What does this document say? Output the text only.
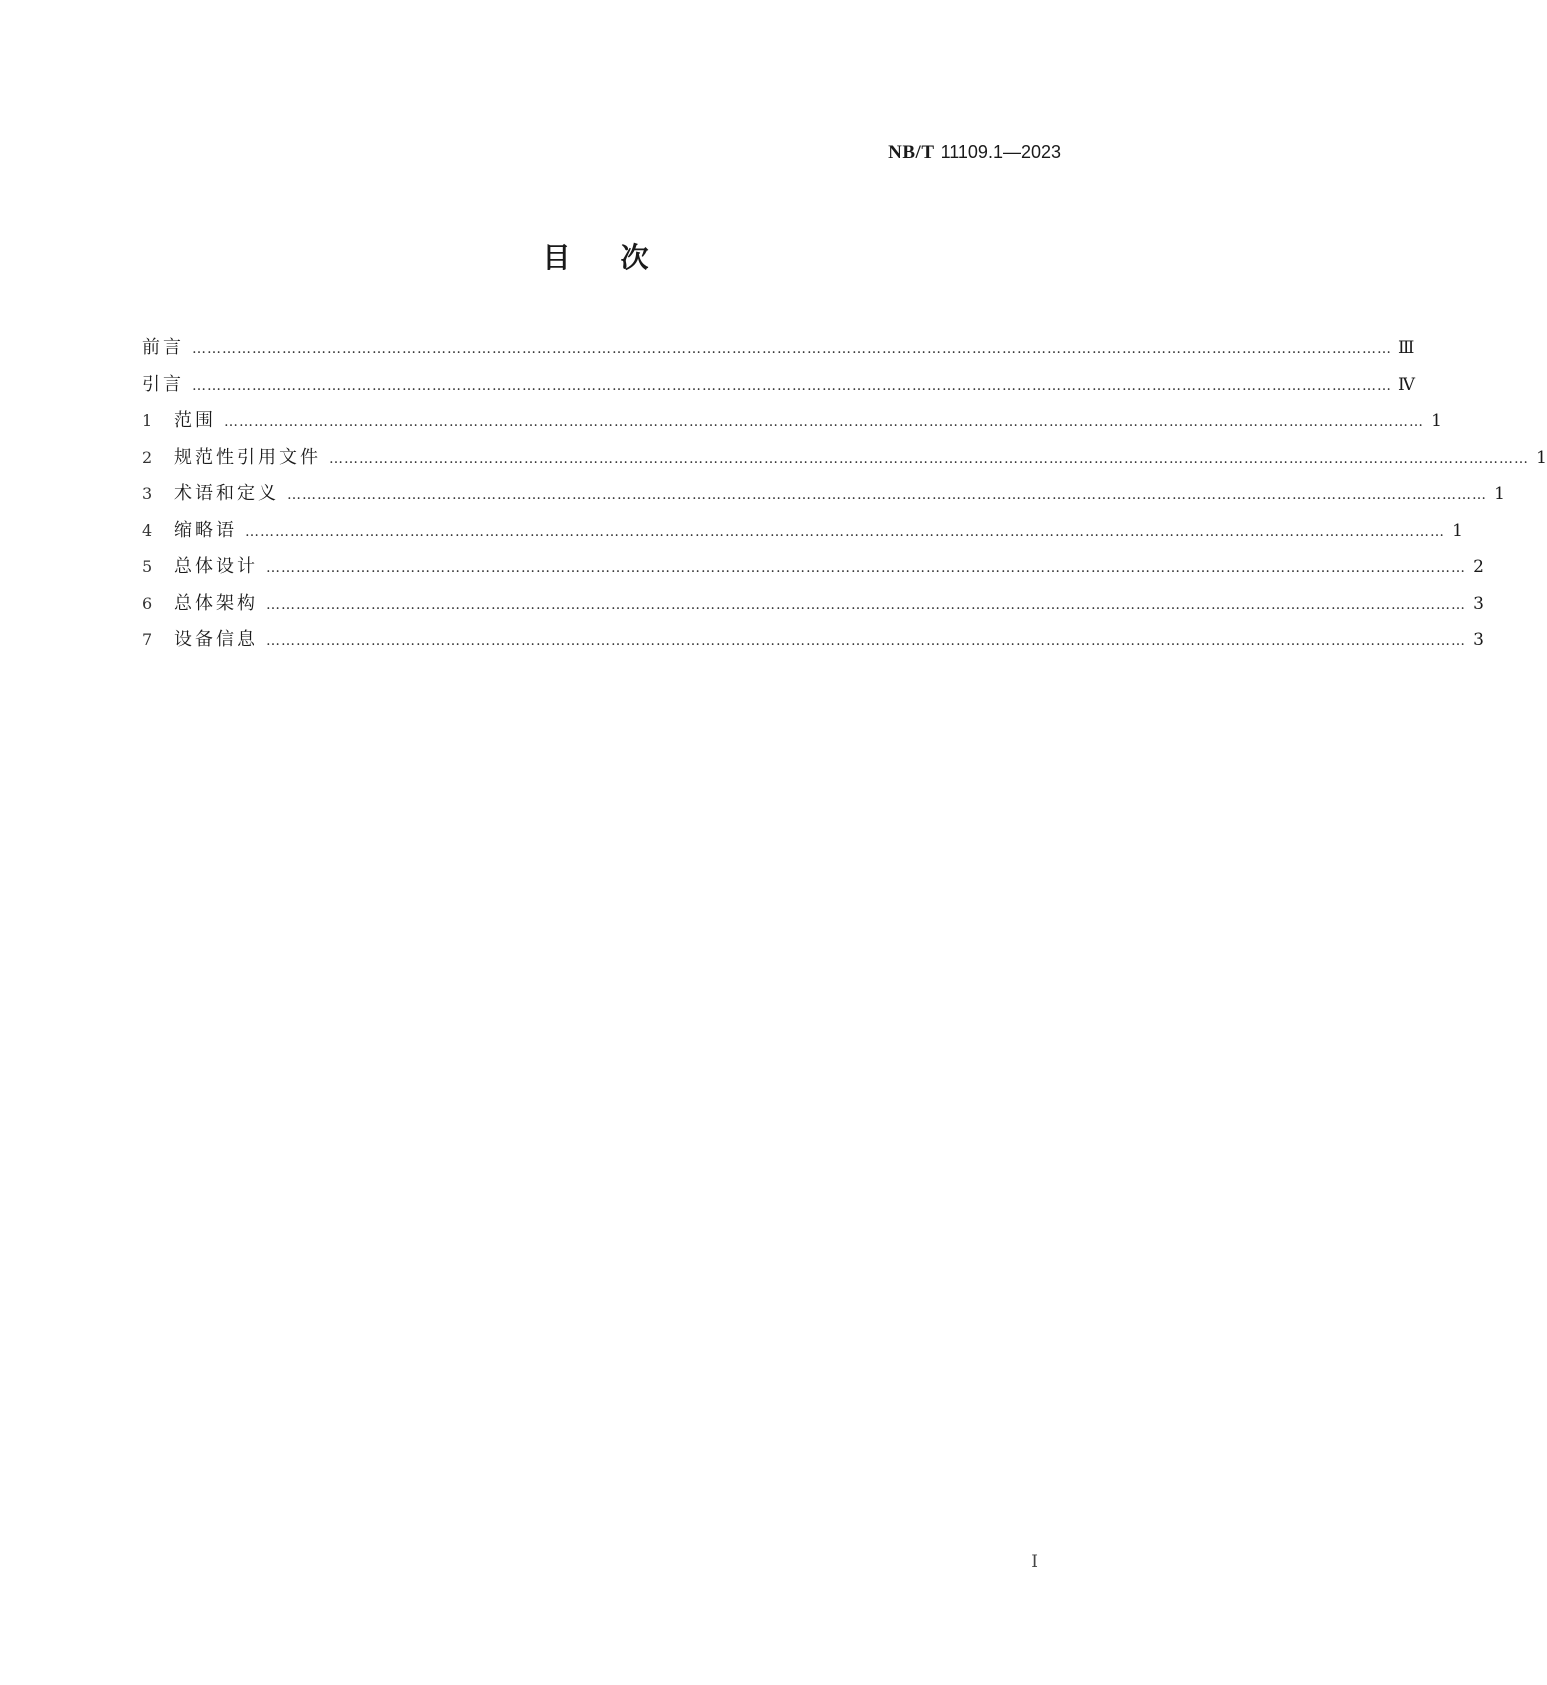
NB/T 11109.1—2023
目次
前言 …………………………………………………………………………………………………………………………………………………………………………………………………………………… Ⅲ
引言 …………………………………………………………………………………………………………………………………………………………………………………………………………………… Ⅳ
1	范围 …………………………………………………………………………………………………………………………………………………………………………………………………………………… 1
2	规范性引用文件 …………………………………………………………………………………………………………………………………………………………………………………………………………………… 1
3	术语和定义 …………………………………………………………………………………………………………………………………………………………………………………………………………………… 1
4	缩略语 …………………………………………………………………………………………………………………………………………………………………………………………………………………… 1
5	总体设计 …………………………………………………………………………………………………………………………………………………………………………………………………………………… 2
6	总体架构 …………………………………………………………………………………………………………………………………………………………………………………………………………………… 3
7	设备信息 …………………………………………………………………………………………………………………………………………………………………………………………………………………… 3
I
